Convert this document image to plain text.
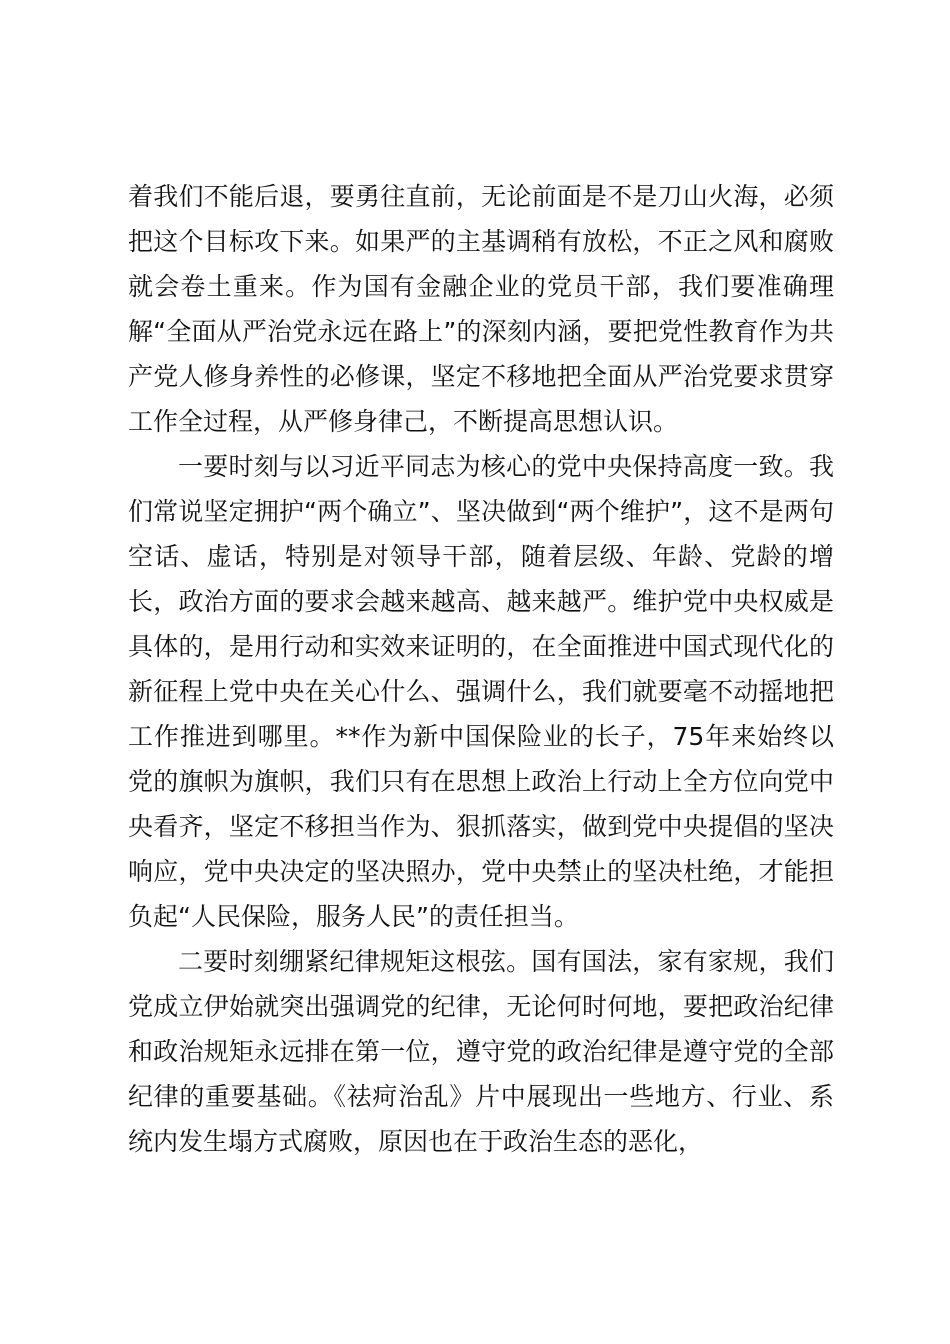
着我们不能后退，要勇往直前，无论前面是不是刀山火海，必须把这个目标攻下来。如果严的主基调稍有放松，不正之风和腐败就会卷土重来。作为国有金融企业的党员干部，我们要准确理解“全面从严治党永远在路上”的深刻内涵，要把党性教育作为共产党人修身养性的必修课，坚定不移地把全面从严治党要求贯穿工作全过程，从严修身律己，不断提高思想认识。

一要时刻与以习近平同志为核心的党中央保持高度一致。我们常说坚定拥护“两个确立”、坚决做到“两个维护”，这不是两句空话、虚话，特别是对领导干部，随着层级、年龄、党龄的增长，政治方面的要求会越来越高、越来越严。维护党中央权威是具体的，是用行动和实效来证明的，在全面推进中国式现代化的新征程上党中央在关心什么、强调什么，我们就要毫不动摇地把工作推进到哪里。**作为新中国保险业的长子，75年来始终以党的旗帜为旗帜，我们只有在思想上政治上行动上全方位向党中央看齐，坚定不移担当作为、狠抓落实，做到党中央提倡的坚决响应，党中央决定的坚决照办，党中央禁止的坚决杜绝，才能担负起“人民保险，服务人民”的责任担当。

二要时刻绷紧纪律规矩这根弦。国有国法，家有家规，我们党成立伊始就突出强调党的纪律，无论何时何地，要把政治纪律和政治规矩永远排在第一位，遵守党的政治纪律是遵守党的全部纪律的重要基础。《祛疴治乱》片中展现出一些地方、行业、系统内发生塌方式腐败，原因也在于政治生态的恶化，
